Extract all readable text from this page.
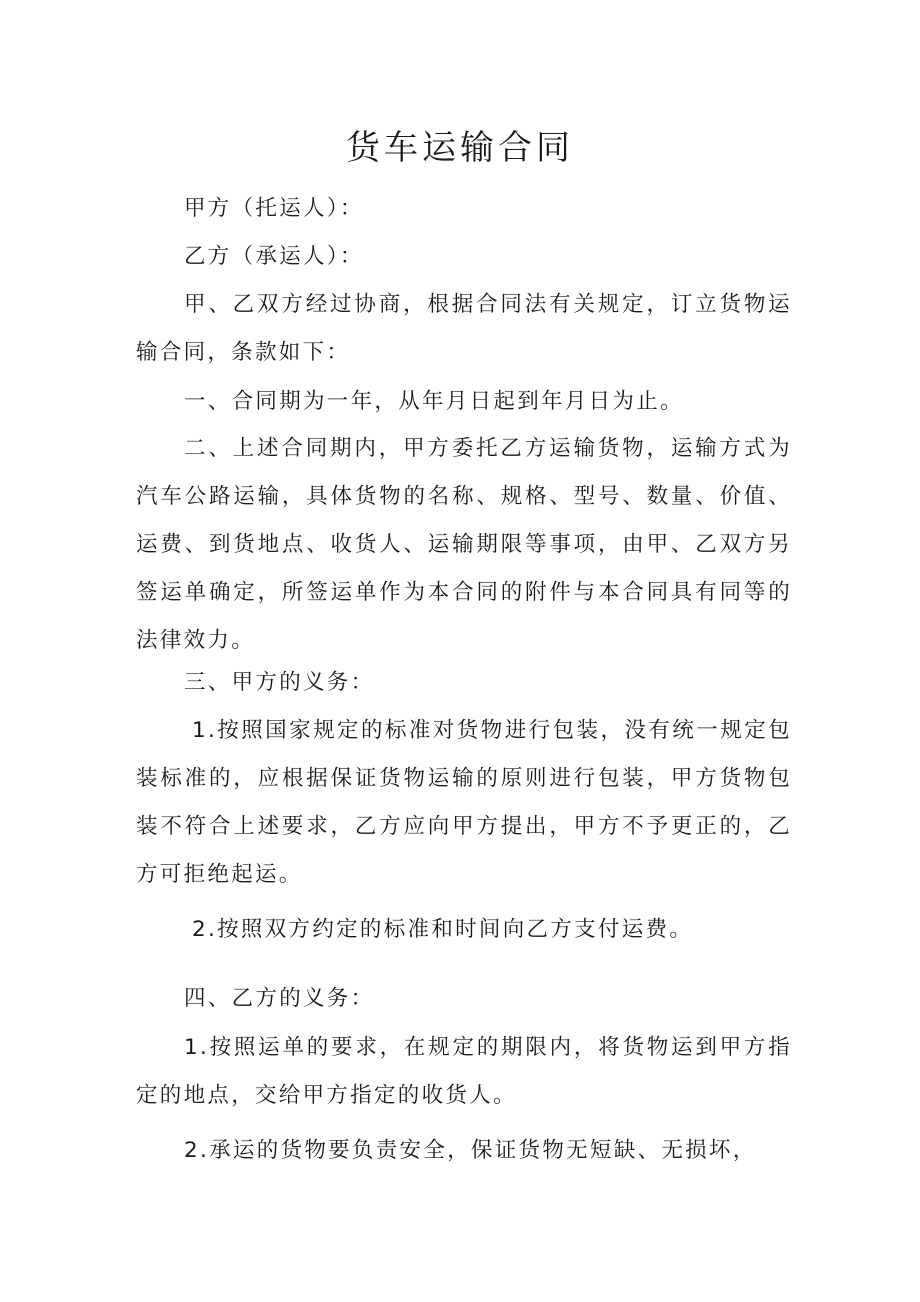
货车运输合同

甲方（托运人）：

乙方（承运人）：

甲、乙双方经过协商，根据合同法有关规定，订立货物运输合同，条款如下：

一、合同期为一年，从年月日起到年月日为止。

二、上述合同期内，甲方委托乙方运输货物，运输方式为汽车公路运输，具体货物的名称、规格、型号、数量、价值、运费、到货地点、收货人、运输期限等事项，由甲、乙双方另签运单确定，所签运单作为本合同的附件与本合同具有同等的法律效力。

三、甲方的义务：

1.按照国家规定的标准对货物进行包装，没有统一规定包装标准的，应根据保证货物运输的原则进行包装，甲方货物包装不符合上述要求，乙方应向甲方提出，甲方不予更正的，乙方可拒绝起运。

2.按照双方约定的标准和时间向乙方支付运费。

四、乙方的义务：

1.按照运单的要求，在规定的期限内，将货物运到甲方指定的地点，交给甲方指定的收货人。

2.承运的货物要负责安全，保证货物无短缺、无损坏，
